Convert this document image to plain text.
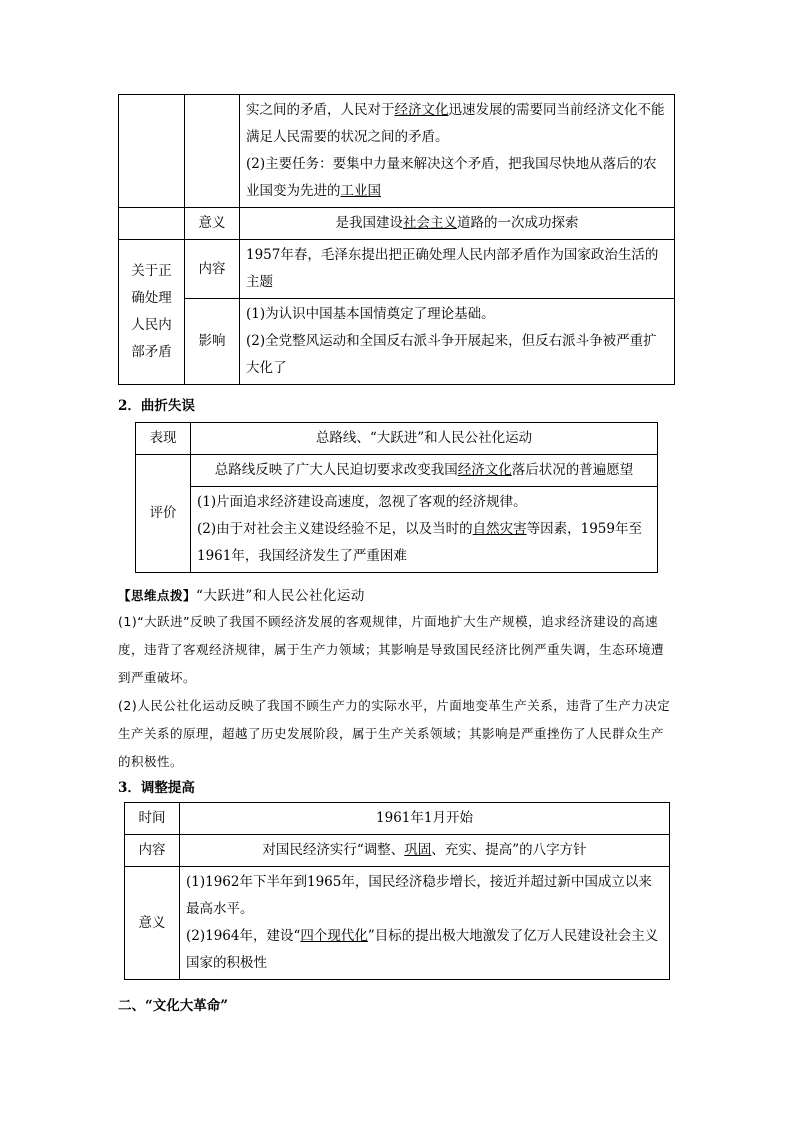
		实之间的矛盾，人民对于经济文化迅速发展的需要同当前经济文化不能满足人民需要的状况之间的矛盾。
(2)主要任务：要集中力量来解决这个矛盾，把我国尽快地从落后的农业国变为先进的工业国

	意义	是我国建设社会主义道路的一次成功探索
关于正确处理人民内部矛盾	内容	1957年春，毛泽东提出把正确处理人民内部矛盾作为国家政治生活的主题
	影响	(1)为认识中国基本国情奠定了理论基础。
(2)全党整风运动和全国反右派斗争开展起来，但反右派斗争被严重扩大化了
2．曲折失误
表现	总路线、“大跃进”和人民公社化运动
评价	总路线反映了广大人民迫切要求改变我国经济文化落后状况的普遍愿望

	(1)片面追求经济建设高速度，忽视了客观的经济规律。
(2)由于对社会主义建设经验不足，以及当时的自然灾害等因素，1959年至1961年，我国经济发生了严重困难

【思维点拨】“大跃进”和人民公社化运动

(1)“大跃进”反映了我国不顾经济发展的客观规律，片面地扩大生产规模，追求经济建设的高速度，违背了客观经济规律，属于生产力领域；其影响是导致国民经济比例严重失调，生态环境遭到严重破坏。

(2)人民公社化运动反映了我国不顾生产力的实际水平，片面地变革生产关系，违背了生产力决定生产关系的原理，超越了历史发展阶段，属于生产关系领域；其影响是严重挫伤了人民群众生产的积极性。

3．调整提高
时间	1961年1月开始
内容	对国民经济实行“调整、巩固、充实、提高”的八字方针
意义	(1)1962年下半年到1965年，国民经济稳步增长，接近并超过新中国成立以来最高水平。
(2)1964年，建设“四个现代化”目标的提出极大地激发了亿万人民建设社会主义国家的积极性
二、“文化大革命”
